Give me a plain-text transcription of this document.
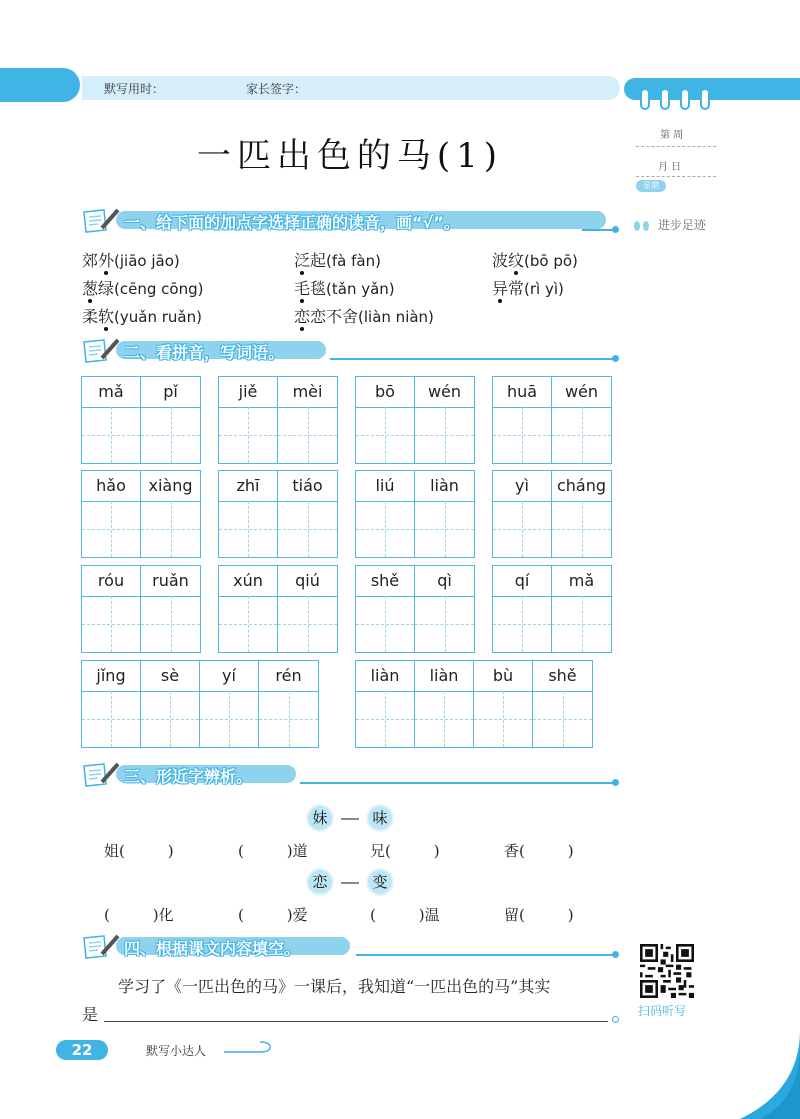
默写用时：	家长签字：
第 周
月 日
星期
进步足迹
一匹出色的马(1)
一、给下面的加点字选择正确的读音，画“√”。
郊外(jiāo jāo)	泛起(fà fàn)	波纹(bō pō)
葱绿(cēng cōng)	毛毯(tǎn yǎn)	异常(rì yì)
柔软(yuǎn ruǎn)	恋恋不舍(liàn niàn)
二、看拼音，写词语。
mǎ	pǐ	jiě	mèi	bō	wén	huā	wén
hǎo	xiàng	zhī	tiáo	liú	liàn	yì	cháng
róu	ruǎn	xún	qiú	shě	qì	qí	mǎ
jǐng	sè	yí	rén	liàn	liàn	bù	shě
三、形近字辨析。
妹	味
姐(         )	(         )道	兄(         )	香(         )
恋	变
(         )化	(         )爱	(         )温	留(         )
四、根据课文内容填空。
学习了《一匹出色的马》一课后，我知道“一匹出色的马”其实
是	扫码听写
22	默写小达人
